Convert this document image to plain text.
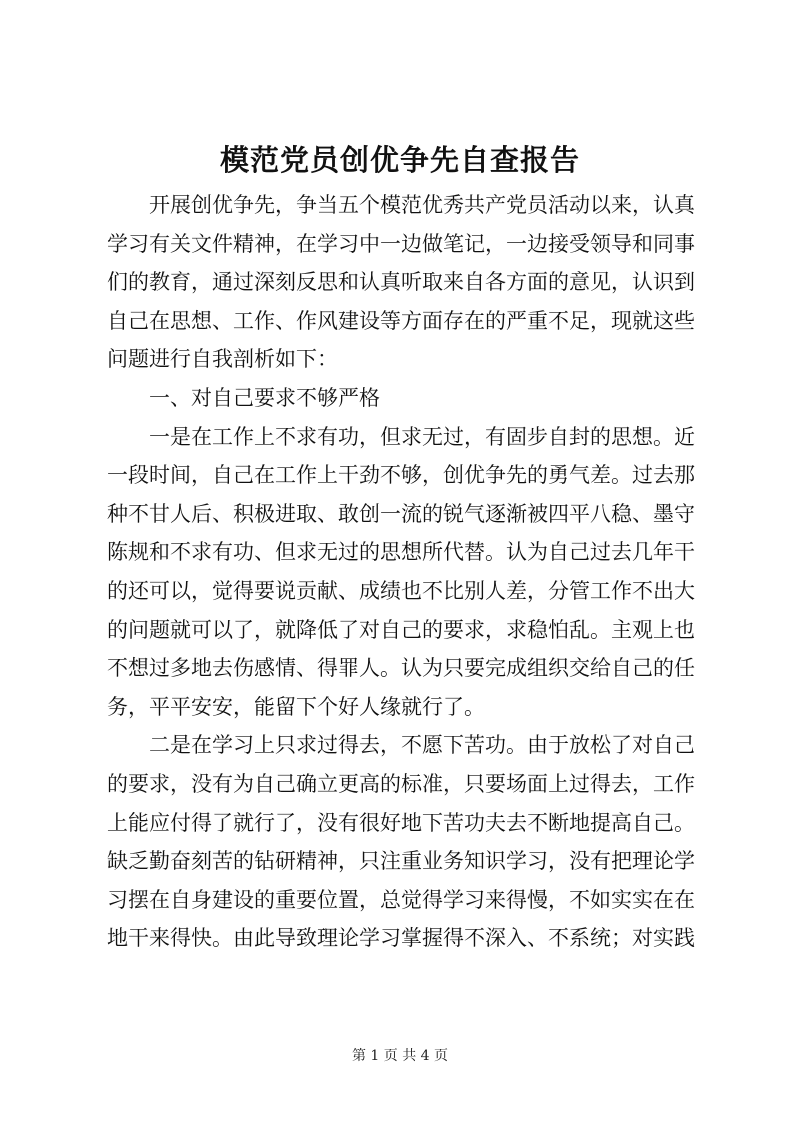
模范党员创优争先自查报告
开展创优争先，争当五个模范优秀共产党员活动以来，认真
学习有关文件精神，在学习中一边做笔记，一边接受领导和同事
们的教育，通过深刻反思和认真听取来自各方面的意见，认识到
自己在思想、工作、作风建设等方面存在的严重不足，现就这些
问题进行自我剖析如下：
一、对自己要求不够严格
一是在工作上不求有功，但求无过，有固步自封的思想。近
一段时间，自己在工作上干劲不够，创优争先的勇气差。过去那
种不甘人后、积极进取、敢创一流的锐气逐渐被四平八稳、墨守
陈规和不求有功、但求无过的思想所代替。认为自己过去几年干
的还可以，觉得要说贡献、成绩也不比别人差，分管工作不出大
的问题就可以了，就降低了对自己的要求，求稳怕乱。主观上也
不想过多地去伤感情、得罪人。认为只要完成组织交给自己的任
务，平平安安，能留下个好人缘就行了。
二是在学习上只求过得去，不愿下苦功。由于放松了对自己
的要求，没有为自己确立更高的标准，只要场面上过得去，工作
上能应付得了就行了，没有很好地下苦功夫去不断地提高自己。
缺乏勤奋刻苦的钻研精神，只注重业务知识学习，没有把理论学
习摆在自身建设的重要位置，总觉得学习来得慢，不如实实在在
地干来得快。由此导致理论学习掌握得不深入、不系统；对实践
第 1 页 共 4 页
